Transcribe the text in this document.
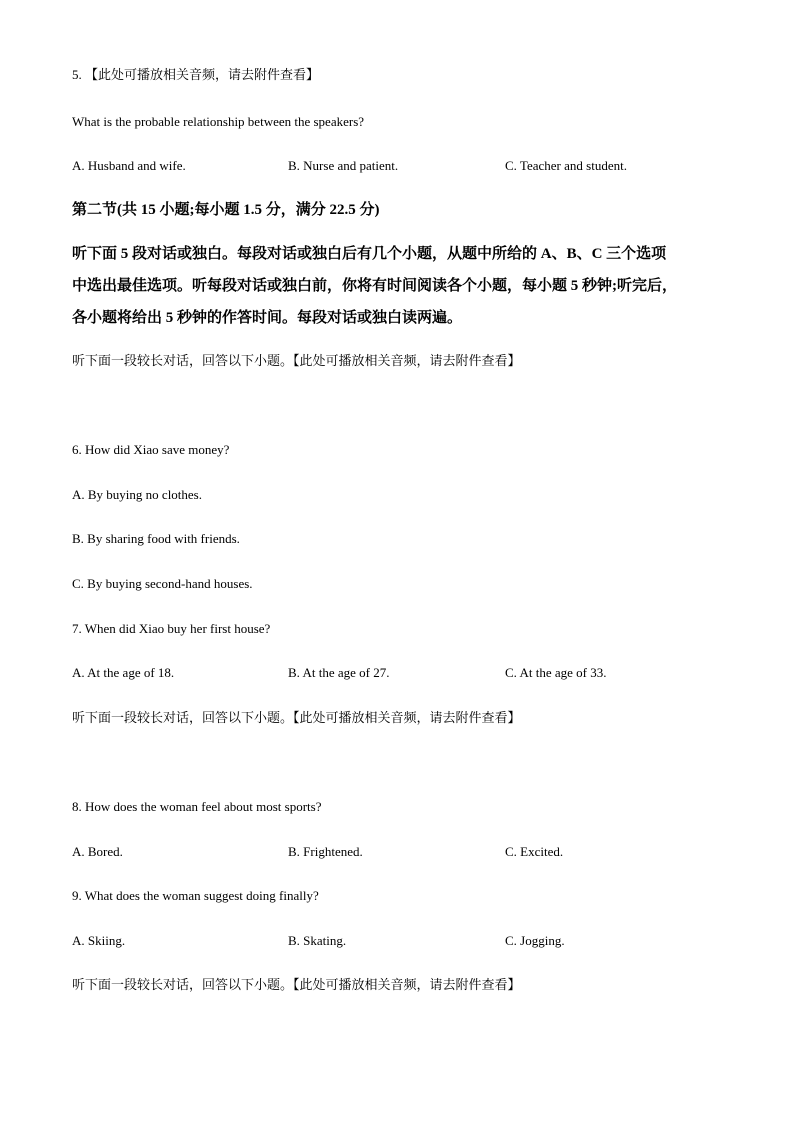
5. 【此处可播放相关音频，请去附件查看】
What is the probable relationship between the speakers?
A. Husband and wife.	B. Nurse and patient.	C. Teacher and student.
第二节(共 15 小题;每小题 1.5 分，满分 22.5 分)
听下面 5 段对话或独白。每段对话或独白后有几个小题，从题中所给的 A、B、C 三个选项
中选出最佳选项。听每段对话或独白前，你将有时间阅读各个小题，每小题 5 秒钟;听完后，
各小题将给出 5 秒钟的作答时间。每段对话或独白读两遍。
听下面一段较长对话，回答以下小题。【此处可播放相关音频，请去附件查看】
6. How did Xiao save money?
A. By buying no clothes.
B. By sharing food with friends.
C. By buying second-hand houses.
7. When did Xiao buy her first house?
A. At the age of 18.	B. At the age of 27.	C. At the age of 33.
听下面一段较长对话，回答以下小题。【此处可播放相关音频，请去附件查看】
8. How does the woman feel about most sports?
A. Bored.	B. Frightened.	C. Excited.
9. What does the woman suggest doing finally?
A. Skiing.	B. Skating.	C. Jogging.
听下面一段较长对话，回答以下小题。【此处可播放相关音频，请去附件查看】
